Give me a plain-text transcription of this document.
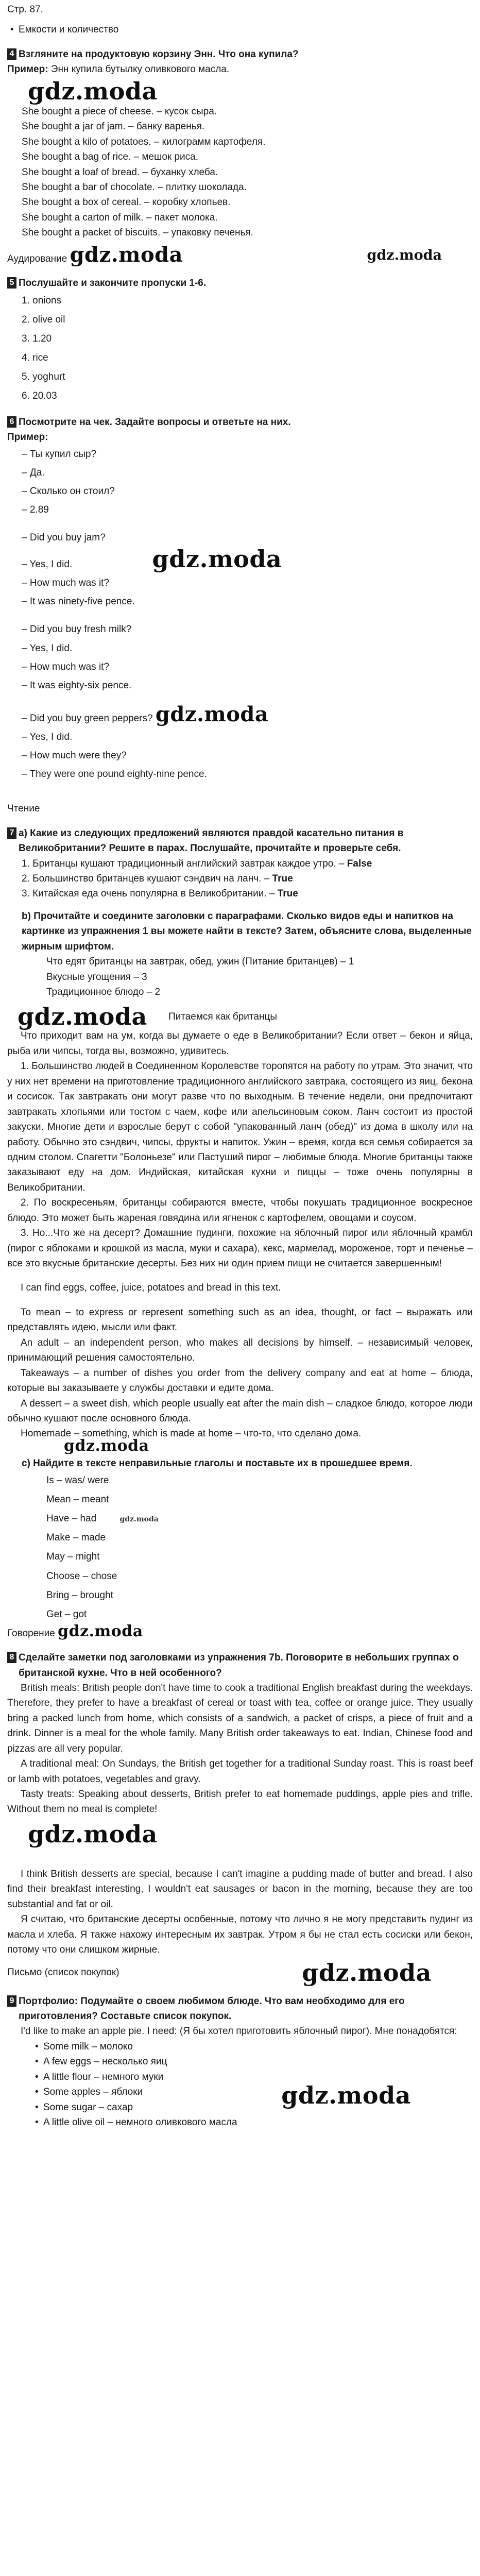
Стр. 87.

• Емкости и количество

4 Взгляните на продуктовую корзину Энн. Что она купила?

Пример: Энн купила бутылку оливкового масла.

gdz.moda

She bought a piece of cheese. – кусок сыра.

She bought a jar of jam. – банку варенья.

She bought a kilo of potatoes. – килограмм картофеля.

She bought a bag of rice. – мешок риса.

She bought a loaf of bread. – буханку хлеба.

She bought a bar of chocolate. – плитку шоколада.

She bought a box of cereal. – коробку хлопьев.

She bought a carton of milk. – пакет молока.

She bought a packet of biscuits. – упаковку печенья.

Аудирование gdz.moda	gdz.moda
5 Послушайте и закончите пропуски 1-6.

1. onions

2. olive oil

3. 1.20

4. rice

5. yoghurt

6. 20.03

6 Посмотрите на чек. Задайте вопросы и ответьте на них.

Пример:

– Ты купил сыр?

– Да.

– Сколько он стоил?

– 2.89

– Did you buy jam?

– Yes, I did.	gdz.moda

– How much was it?

– It was ninety-five pence.

– Did you buy fresh milk?

– Yes, I did.

– How much was it?

– It was eighty-six pence.

– Did you buy green peppers? gdz.moda

– Yes, I did.

– How much were they?

– They were one pound eighty-nine pence.

Чтение

7 а) Какие из следующих предложений являются правдой касательно питания в Великобритании? Решите в парах. Послушайте, прочитайте и проверьте себя.

1. Британцы кушают традиционный английский завтрак каждое утро. – False

2. Большинство британцев кушают сэндвич на ланч. – True

3. Китайская еда очень популярна в Великобритании. – True

b) Прочитайте и соедините заголовки с параграфами. Сколько видов еды и напитков на картинке из упражнения 1 вы можете найти в тексте? Затем, объясните слова, выделенные жирным шрифтом.

Что едят британцы на завтрак, обед, ужин (Питание британцев) – 1

Вкусные угощения – 3

Традиционное блюдо – 2

gdz.moda Питаемся как британцы

Что приходит вам на ум, когда вы думаете о еде в Великобритании? Если ответ – бекон и яйца, рыба или чипсы, тогда вы, возможно, удивитесь.

1. Большинство людей в Соединенном Королевстве торопятся на работу по утрам. Это значит, что у них нет времени на приготовление традиционного английского завтрака, состоящего из яиц, бекона и сосисок. Так завтракать они могут разве что по выходным. В течение недели, они предпочитают завтракать хлопьями или тостом с чаем, кофе или апельсиновым соком. Ланч состоит из простой закуски. Многие дети и взрослые берут с собой "упакованный ланч (обед)" из дома в школу или на работу. Обычно это сэндвич, чипсы, фрукты и напиток. Ужин – время, когда вся семья собирается за одним столом. Спагетти "Болоньезе" или Пастуший пирог – любимые блюда. Многие британцы также заказывают еду на дом. Индийская, китайская кухни и пиццы – тоже очень популярны в Великобритании.

2. По воскресеньям, британцы собираются вместе, чтобы покушать традиционное воскресное блюдо. Это может быть жареная говядина или ягненок с картофелем, овощами и соусом.

3. Но...Что же на десерт? Домашние пудинги, похожие на яблочный пирог или яблочный крамбл (пирог с яблоками и крошкой из масла, муки и сахара), кекс, мармелад, мороженое, торт и печенье – все это вкусные британские десерты. Без них ни один прием пищи не считается завершенным!

I can find eggs, coffee, juice, potatoes and bread in this text.

To mean – to express or represent something such as an idea, thought, or fact – выражать или представлять идею, мысли или факт.

An adult – an independent person, who makes all decisions by himself. – независимый человек, принимающий решения самостоятельно.

Takeaways – a number of dishes you order from the delivery company and eat at home – блюда, которые вы заказываете у службы доставки и едите дома.

A dessert – a sweet dish, which people usually eat after the main dish – сладкое блюдо, которое люди обычно кушают после основного блюда.

Homemade – something, which is made at home – что-то, что сделано дома.

gdz.moda

с) Найдите в тексте неправильные глаголы и поставьте их в прошедшее время.

Is – was/ were

Mean – meant

Have – had	gdz.moda

Make – made

May – might

Choose – chose

Bring – brought

Get – got

Говорение gdz.moda

8 Сделайте заметки под заголовками из упражнения 7b. Поговорите в небольших группах о британской кухне. Что в ней особенного?

British meals: British people don't have time to cook a traditional English breakfast during the weekdays. Therefore, they prefer to have a breakfast of cereal or toast with tea, coffee or orange juice. They usually bring a packed lunch from home, which consists of a sandwich, a packet of crisps, a piece of fruit and a drink. Dinner is a meal for the whole family. Many British order takeaways to eat. Indian, Chinese food and pizzas are all very popular.

A traditional meal: On Sundays, the British get together for a traditional Sunday roast. This is roast beef or lamb with potatoes, vegetables and gravy.

Tasty treats: Speaking about desserts, British prefer to eat homemade puddings, apple pies and trifle. Without them no meal is complete!

gdz.moda

I think British desserts are special, because I can't imagine a pudding made of butter and bread. I also find their breakfast interesting, I wouldn't eat sausages or bacon in the morning, because they are too substantial and fat or oil.

Я считаю, что британские десерты особенные, потому что лично я не могу представить пудинг из масла и хлеба. Я также нахожу интересным их завтрак. Утром я бы не стал есть сосиски или бекон, потому что они слишком жирные.

Письмо (список покупок)	gdz.moda
9 Портфолио: Подумайте о своем любимом блюде. Что вам необходимо для его приготовления? Составьте список покупок.

I'd like to make an apple pie. I need: (Я бы хотел приготовить яблочный пирог). Мне понадобятся:

• Some milk – молоко

• A few eggs – несколько яиц

• A little flour – немного муки

• Some apples – яблоки

• Some sugar – сахар

• A little olive oil – немного оливкового масла

gdz.moda
